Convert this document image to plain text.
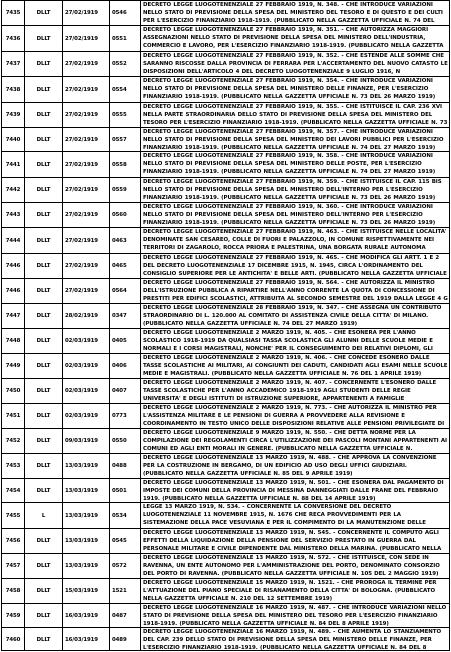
7435	DLLT	27/02/1919	0546
DECRETO LEGGE LUOGOTENENZIALE 27 FEBBRAIO 1919, N. 348. - CHE INTRODUCE VARIAZIONI NELLO STATO DI PREVISIONE DELLA SPESA DEL MINISTERO DEL TESORO E DI QUESTO E DEI CULTI PER L'ESERCIZIO FINANZIARIO 1918-1919. (PUBBLICATO NELLA GAZZETTA UFFICIALE N. 74 DEL
7436	DLLT	27/02/1919	0551
DECRETO LEGGE LUOGOTENENZIALE 27 FEBBRAIO 1919, N. 351. - CHE AUTORIZZA MAGGIORI ASSEGNAZIONI NELLO STATO DI PREVISIONE DELLA SPESA DEL MINISTERO DELL'INDUSTRIA, COMMERCIO E LAVORO, PER L'ESERCIZIO FINANZIARIO 1918-1919. (PUBBLICATO NELLA GAZZETTA
7437	DLLT	27/02/1919	0552
DECRETO LEGGE LUOGOTENENZIALE 27 FEBBRAIO 1919, N. 352. - CHE ESTENDE ALLE SOMME CHE SARANNO RISCOSSE DALLA PROVINCIA DI FERRARA PER L'ACCERTAMENTO DEL NUOVO CATASTO LE DISPOSIZIONI DELL'ARTICOLO 4 DEL DECRETO LUOGOTENENZIALE 9 LUGLIO 1916, N
7438	DLLT	27/02/1919	0554
DECRETO LEGGE LUOGOTENENZIALE 27 FEBBRAIO 1919, N. 354. - CHE INTRODUCE VARIAZIONI NELLO STATO DI PREVISIONE DELLA SPESA DEL MINISTERO DELLE FINANZE, PER L'ESERCIZIO FINANZIARIO 1918-1919. (PUBBLICATO NELLA GAZZETTA UFFICIALE N. 73 DEL 26 MARZO 1919)
7439	DLLT	27/02/1919	0555
DECRETO LEGGE LUOGOTENENZIALE 27 FEBBRAIO 1919, N. 355. - CHE ISTITUISCE IL CAP. 236 XVI NELLA PARTE STRAORDINARIA DELLO STATO DI PREVISIONE DELLA SPESA DEL MINISTERO DEL TESORO PER L'ESERCIZIO FINANZIARIO 1918-1919. (PUBBLICATO NELLA GAZZETTA UFFICIALE N. 73
7440	DLLT	27/02/1919	0557
DECRETO LEGGE LUOGOTENENZIALE 27 FEBBRAIO 1919, N. 357. - CHE INTRODUCE VARIAZIONI NELLO STATO DI PREVISIONE DELLA SPESA DEL MINISTERO DEI LAVORI PUBBLICI PER L'ESERCIZIO FINANZIARIO 1918-1919. (PUBBLICATO NELLA GAZZETTA UFFICIALE N. 74 DEL 27 MARZO 1919)
7441	DLLT	27/02/1919	0558
DECRETO LEGGE LUOGOTENENZIALE 27 FEBBRAIO 1919, N. 358. - CHE INTRODUCE VARIAZIONI NELLO STATO DI PREVISIONE DELLA SPESA DEL MINISTERO DELLE POSTE, PER L'ESERCIZIO FINANZIARIO 1918-1919. (PUBBLICATO NELLA GAZZETTA UFFICIALE N. 74 DEL 27 MARZO 1919)
7442	DLLT	27/02/1919	0559
DECRETO LEGGE LUOGOTENENZIALE 27 FEBBRAIO 1919, N. 359. - CHE ISTITUISCE IL CAP. 115 BIS NELLO STATO DI PREVISIONE DELLA SPESA DEL MINISTERO DELL'INTERNO PER L'ESERCIZIO FINANZIARIO 1918-1919. (PUBBLICATO NELLA GAZZETTA UFFICIALE N. 73 DEL 26 MARZO 1919)
7443	DLLT	27/02/1919	0560
DECRETO LEGGE LUOGOTENENZIALE 27 FEBBRAIO 1919, N. 360. - CHE INTRODUCE VARIAZIONI NELLO STATO DI PREVISIONE DELLA SPESA DEL MINISTERO DELL'INTERNO PER L'ESERCIZIO FINANZIARIO 1918-1919. (PUBBLICATO NELLA GAZZETTA UFFICIALE N. 73 DEL 26 MARZO 1919)
7444	DLLT	27/02/1919	0463
DECRETO LEGGE LUOGOTENENZIALE 27 FEBBRAIO 1919, N. 463. - CHE ISTITUISCE NELLE LOCALITA' DENOMINATE SAN CESAREO, COLLE DI FUORI E PALAZZOLO, IN COMUNE RISPETTIVAMENTE NEI TERRITORI DI ZAGAROLO, ROCCA PRIORA E PALESTRINA, UNA BORGATA RURALE AUTONOMA
7446	DLLT	27/02/1919	0465
DECRETO LEGGE LUOGOTENENZIALE 27 FEBBRAIO 1919, N. 465. - CHE MODIFICA GLI ARTT. 1 E 2 DEL DECRETO LUOGOTENENZIALE 17 DICEMBRE 1915, N. 1945, CIRCA L'ORDINAMENTO DEL CONSIGLIO SUPERIORE PER LE ANTICHITA' E BELLE ARTI. (PUBBLICATO NELLA GAZZETTA UFFICIALE
7446	DLLT	27/02/1919	0564
DECRETO LEGGE LUOGOTENENZIALE 27 FEBBRAIO 1919, N. 564. - CHE AUTORIZZA IL MINISTRO DELL'ISTRUZIONE PUBBLICA A RIPARTIRE NELL'ANNO CORRENTE LA QUOTA DI CONCESSIONE DI PRESTITI PER EDIFICI SCOLASTICI, ATTRIBUITA AL SECONDO SEMESTRE DEL 1919 DALLA LEGGE 4 G
7447	DLLT	28/02/1919	0347
DECRETO LEGGE LUOGOTENENZIALE 28 FEBBRAIO 1919, N. 347. - CHE ASSEGNA UN CONTRIBUTO STRAORDINARIO DI L. 120.000 AL COMITATO DI ASSISTENZA CIVILE DELLA CITTA' DI MILANO. (PUBBLICATO NELLA GAZZETTA UFFICIALE N. 74 DEL 27 MARZO 1919)
7448	DLLT	02/03/1919	0405
DECRETO LEGGE LUOGOTENENZIALE 2 MARZO 1919, N. 405. - CHE ESONERA PER L'ANNO SCOLASTICO 1918-1919 DA QUALSIASI TASSA SCOLASTICA GLI ALUNNI DELLE SCUOLE MEDIE E NORMALI E I CORSI MAGISTRALI, NONCHE' PER IL CONSEGUIMENTO DEI RELATIVI DIPLOMI, GLI
7449	DLLT	02/03/1919	0406
DECRETO LEGGE LUOGOTENENZIALE 2 MARZO 1919, N. 406. - CHE CONCEDE ESONERO DALLE TASSE SCOLASTICHE AI MILITARI, AI CONGIUNTI DEI CADUTI, CANDIDATI AGLI ESAMI NELLE SCUOLE MEDIE E MAGISTRALI. (PUBBLICATO NELLA GAZZETTA UFFICIALE N. 76 DEL 1 APRILE 1919)
7450	DLLT	02/03/1919	0407
DECRETO LEGGE LUOGOTENENZIALE 2 MARZO 1919, N. 407. - CONCERNENTE L'ESONERO DALLE TASSE SCOLASTICHE PER L'ANNO ACCADEMICO 1918-1919 AGLI STUDENTI DELLE REGIE UNIVERSITA' E DEGLI ISTITUTI DI ISTRUZIONE SUPERIORE, APPARTENENTI A FAMIGLIE
7451	DLLT	02/03/1919	0773
DECRETO LEGGE LUOGOTENENZIALE 2 MARZO 1919, N. 773. - CHE AUTORIZZA IL MINISTRO PER L'ASSISTENZA MILITARE E LE PENSIONI DI GUERRA A PROVVEDERE ALLA REVISIONE E COORDINAMENTO IN TESTO UNICO DELLE DISPOSIZIONI RELATIVE ALLE PENSIONI PRIVILEGIATE DI
7452	DLLT	09/03/1919	0550
DECRETO LEGGE LUOGOTENENZIALE 9 MARZO 1919, N. 550. - CHE DETTA NORME PER LA COMPILAZIONE DEI REGOLAMENTI CIRCA L'UTILIZZAZIONE DEI PASCOLI MONTANI APPARTENENTI AI COMUNI ED AGLI ENTI MORALI IN GENERE. (PUBBLICATO NELLA GAZZETTA UFFICIALE N.
7453	DLLT	13/03/1919	0488
DECRETO LEGGE LUOGOTENENZIALE 13 MARZO 1919, N. 488. - CHE APPROVA LA CONVENZIONE PER LA COSTRUZIONE IN BERGAMO, DI UN EDIFICIO AD USO DEGLI UFFICI GIUDIZIARI. (PUBBLICATO NELLA GAZZETTA UFFICIALE N. 85 DEL 9 APRILE 1919)
7454	DLLT	13/03/1919	0501
DECRETO LEGGE LUOGOTENENZIALE 13 MARZO 1919, N. 501. - CHE ESONERA DAL PAGAMENTO DI IMPOSTE DEI COMUNI DELLA PROVINCIA DI MESSINA DANNEGGIATI DALLE FRANE DEL FEBBRAIO 1919. (PUBBLICATO NELLA GAZZETTA UFFICIALE N. 88 DEL 14 APRILE 1919)
7455	L	13/03/1919	0534
LEGGE 13 MARZO 1919, N. 534. - CONCERNENTE LA CONVERSIONE DEL DECRETO LUOGOTENENZIALE 11 NOVEMBRE 1915, N. 1676 CHE RECA PROVVEDIMENTI PER LA SISTEMAZIONE DELLA PACE VESUVIANA E PER IL COMPIMENTO DI LA MANUTENZIONE DELLE
7456	DLLT	13/03/1919	0545
DECRETO LEGGE LUOGOTENENZIALE 13 MARZO 1919, N. 545. - CONCERNENTE IL COMPUTO AGLI EFFETTI DELLA LIQUIDAZIONE DELLA PENSIONE DEL SERVIZIO PRESTATO IN GUERRA DAL PERSONALE MILITARE E CIVILE DIPENDENTE DAL MINISTERO DELLA MARINA. (PUBBLICATO NELLA
7457	DLLT	13/03/1919	0572
DECRETO LEGGE LUOGOTENENZIALE 13 MARZO 1919, N. 572. - CHE ISTITUISCE, CON SEDE IN RAVENNA, UN ENTE AUTONOMO PER L'AMMINISTRAZIONE DEL PORTO, DENOMINATO CONSORZIO DEL PORTO DI RAVENNA. (PUBBLICATO NELLA GAZZETTA UFFICIALE N. 105 DEL 2 MAGGIO 1919)
7458	DLLT	15/03/1919	1521
DECRETO LEGGE LUOGOTENENZIALE 15 MARZO 1919, N. 1521. - CHE PROROGA IL TERMINE PER L'ATTUAZIONE DEL PIANO SPECIALE DI RISANAMENTO DELLA CITTA' DI BOLOGNA. (PUBBLICATO NELLA GAZZETTA UFFICIALE N. 210 DEL 12 SETTEMBRE 1919)
7459	DLLT	16/03/1919	0487
DECRETO LEGGE LUOGOTENENZIALE 16 MARZO 1919, N. 487. - CHE INTRODUCE VARIAZIONI NELLO STATO DI PREVISIONE DELLA SPESA DEL MINISTERO DEL TESORO PER L'ESERCIZIO FINANZIARIO 1918-1919. (PUBBLICATO NELLA GAZZETTA UFFICIALE N. 84 DEL 8 APRILE 1919)
7460	DLLT	16/03/1919	0489
DECRETO LEGGE LUOGOTENENZIALE 16 MARZO 1919, N. 489. - CHE AUMENTA LO STANZIAMENTO DEL CAP. 239 DELLO STATO DI PREVISIONE DELLA SPESA DEL MINISTERO DELLE FINANZE, PER L'ESERCIZIO FINANZIARIO 1918-1919. (PUBBLICATO NELLA GAZZETTA UFFICIALE N. 84 DEL 8
